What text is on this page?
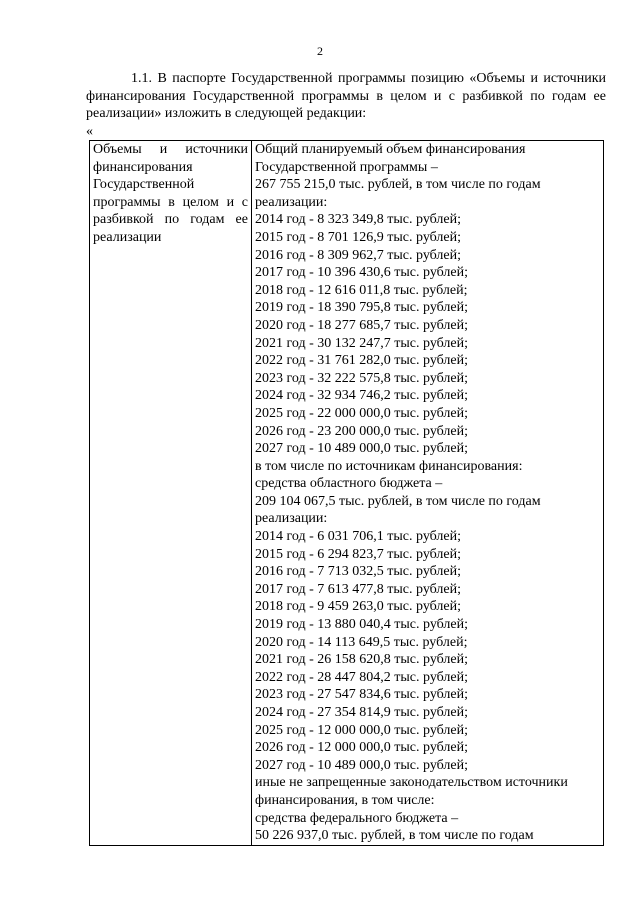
2

1.1. В паспорте Государственной программы позицию «Объемы и источники финансирования Государственной программы в целом и с разбивкой по годам ее реализации» изложить в следующей редакции:

«

Объемы и источники финансирования Государственной программы в целом и с разбивкой по годам ее реализации

Общий планируемый объем финансирования
Государственной программы –
267 755 215,0 тыс. рублей, в том числе по годам
реализации:
2014 год - 8 323 349,8 тыс. рублей;
2015 год - 8 701 126,9 тыс. рублей;
2016 год - 8 309 962,7 тыс. рублей;
2017 год - 10 396 430,6 тыс. рублей;
2018 год - 12 616 011,8 тыс. рублей;
2019 год - 18 390 795,8 тыс. рублей;
2020 год - 18 277 685,7 тыс. рублей;
2021 год - 30 132 247,7 тыс. рублей;
2022 год - 31 761 282,0 тыс. рублей;
2023 год - 32 222 575,8 тыс. рублей;
2024 год - 32 934 746,2 тыс. рублей;
2025 год - 22 000 000,0 тыс. рублей;
2026 год - 23 200 000,0 тыс. рублей;
2027 год - 10 489 000,0 тыс. рублей;
в том числе по источникам финансирования:
средства областного бюджета –
209 104 067,5 тыс. рублей, в том числе по годам
реализации:
2014 год - 6 031 706,1 тыс. рублей;
2015 год - 6 294 823,7 тыс. рублей;
2016 год - 7 713 032,5 тыс. рублей;
2017 год - 7 613 477,8 тыс. рублей;
2018 год - 9 459 263,0 тыс. рублей;
2019 год - 13 880 040,4 тыс. рублей;
2020 год - 14 113 649,5 тыс. рублей;
2021 год - 26 158 620,8 тыс. рублей;
2022 год - 28 447 804,2 тыс. рублей;
2023 год - 27 547 834,6 тыс. рублей;
2024 год - 27 354 814,9 тыс. рублей;
2025 год - 12 000 000,0 тыс. рублей;
2026 год - 12 000 000,0 тыс. рублей;
2027 год - 10 489 000,0 тыс. рублей;
иные не запрещенные законодательством источники
финансирования, в том числе:
средства федерального бюджета –
50 226 937,0 тыс. рублей, в том числе по годам
